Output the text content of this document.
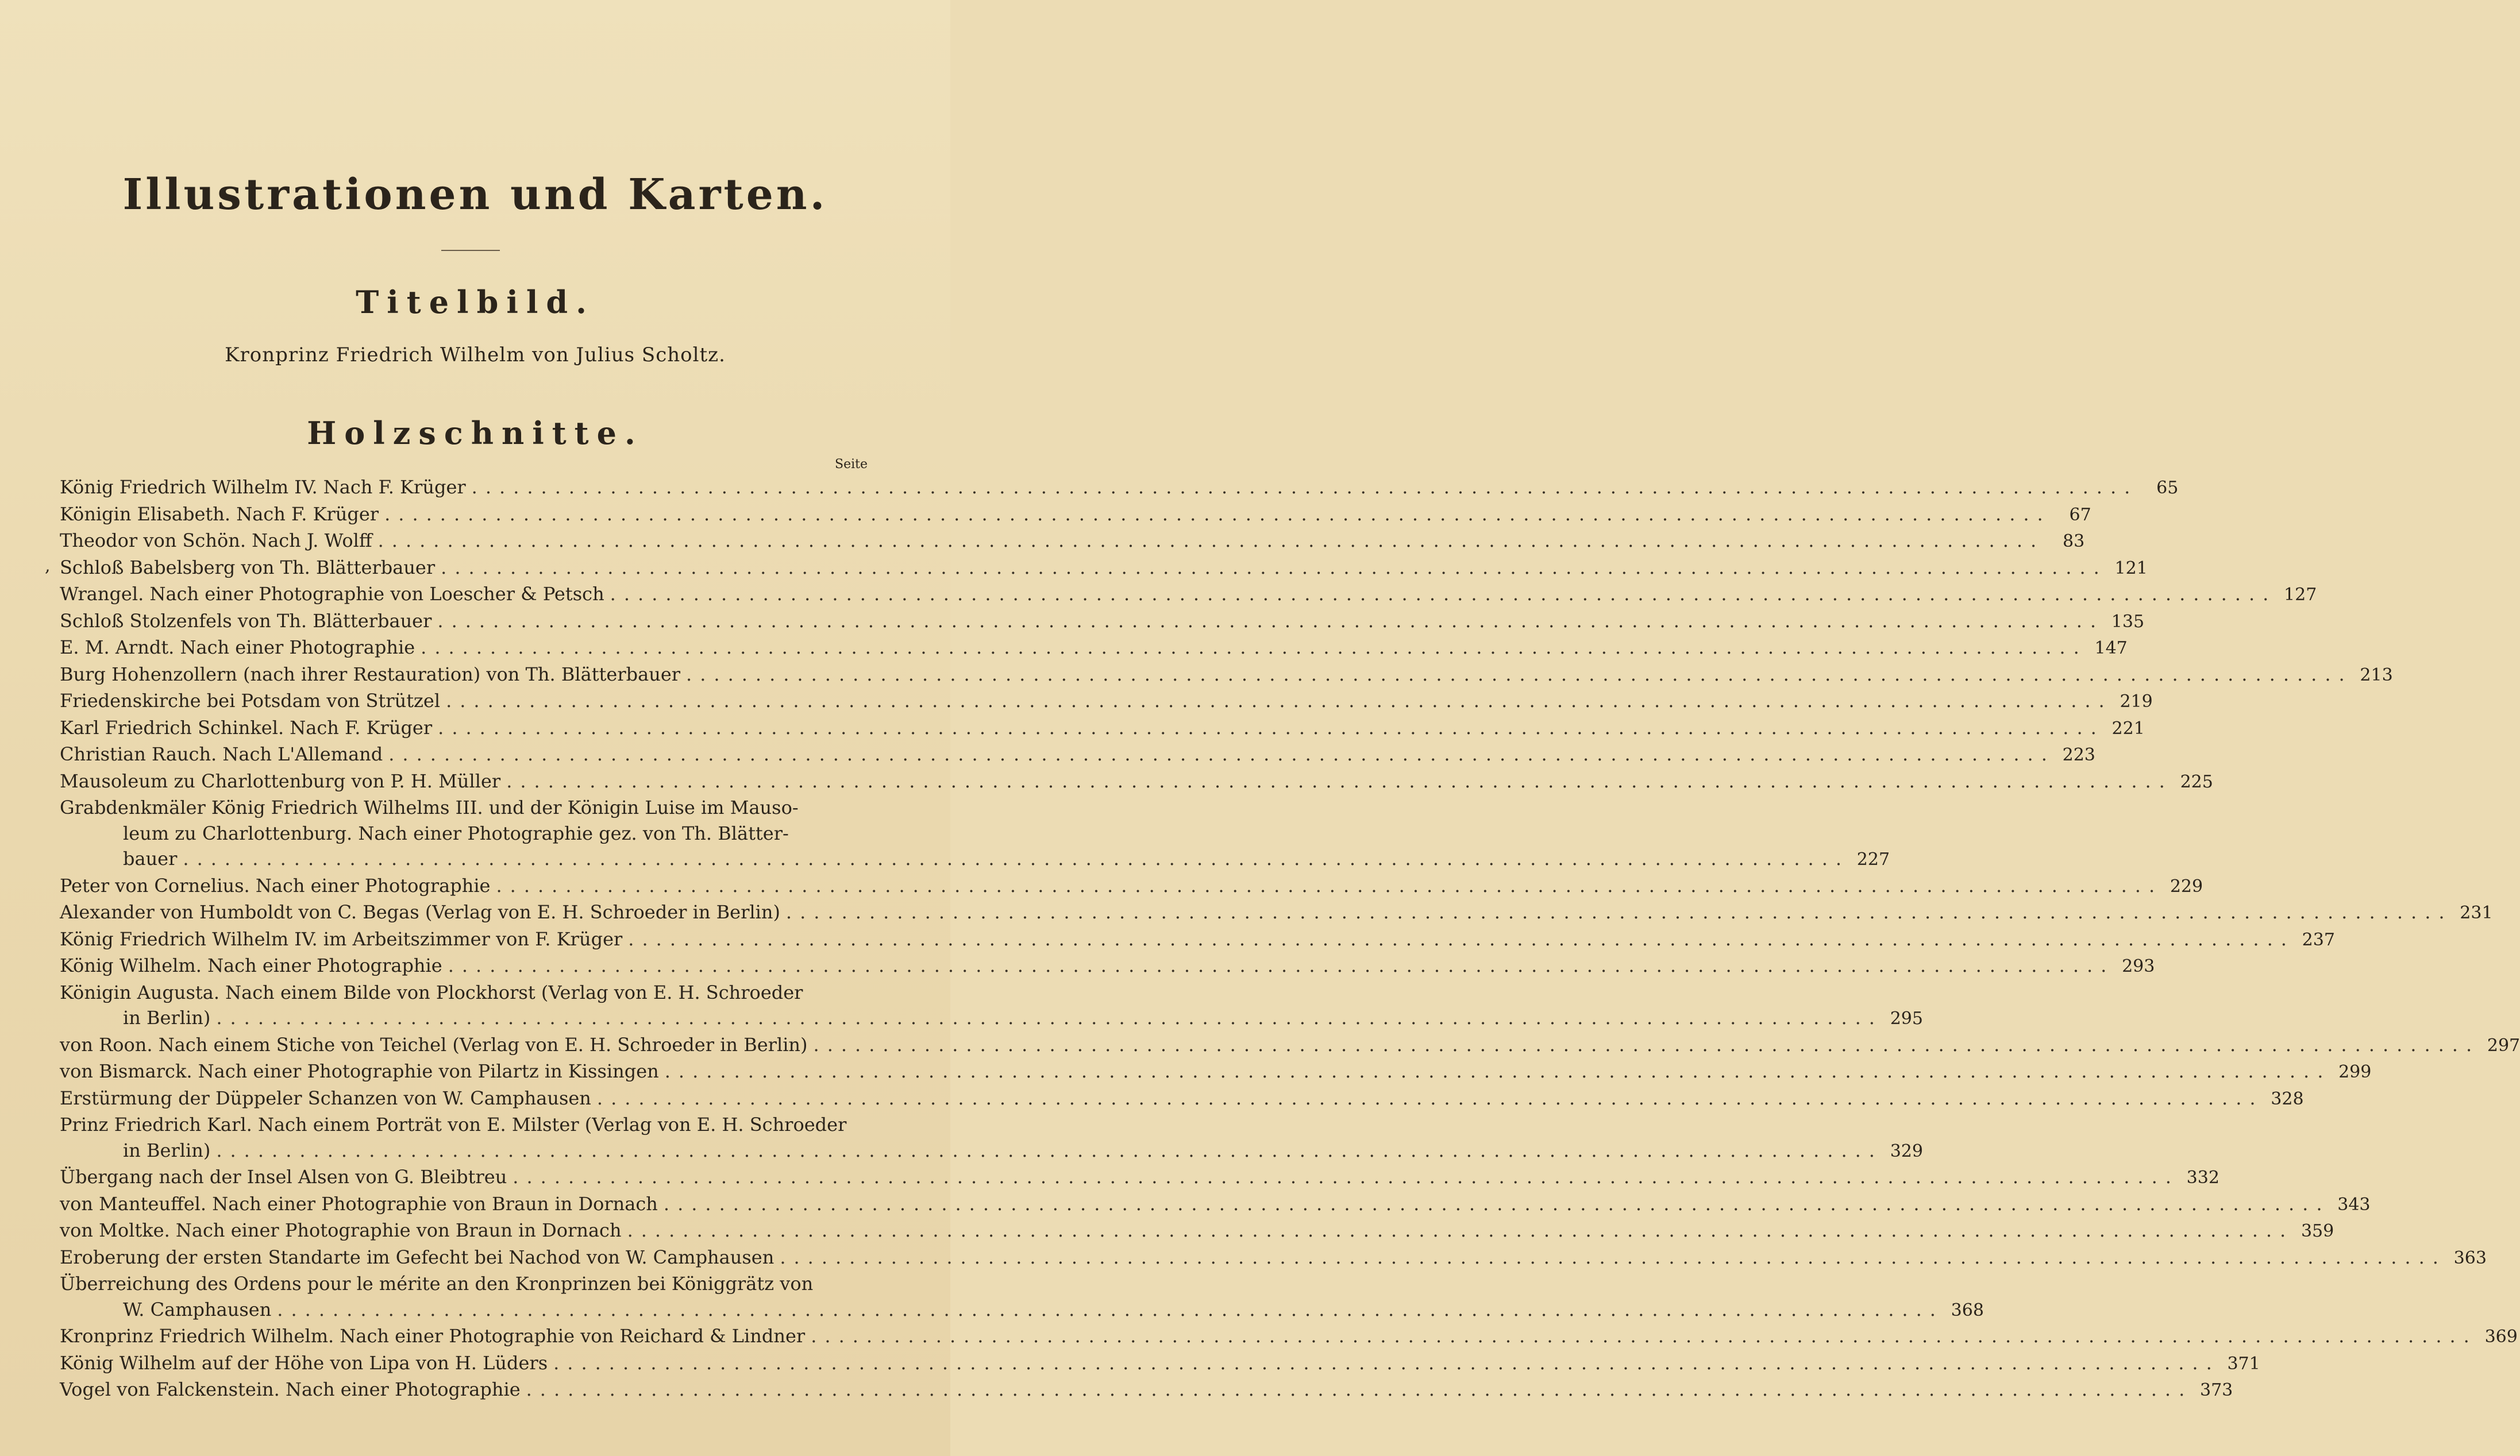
Illustrationen und Karten.
Titelbild.
Kronprinz Friedrich Wilhelm von Julius Scholtz.
Holzschnitte.
Seite
,
König Friedrich Wilhelm IV. Nach F. Krüger ........................................................................................................................	65
Königin Elisabeth. Nach F. Krüger ........................................................................................................................	67
Theodor von Schön. Nach J. Wolff ........................................................................................................................	83
Schloß Babelsberg von Th. Blätterbauer ........................................................................................................................ 121
Wrangel. Nach einer Photographie von Loescher & Petsch ........................................................................................................................ 127
Schloß Stolzenfels von Th. Blätterbauer ........................................................................................................................ 135
E. M. Arndt. Nach einer Photographie ........................................................................................................................ 147
Burg Hohenzollern (nach ihrer Restauration) von Th. Blätterbauer ........................................................................................................................ 213
Friedenskirche bei Potsdam von Strützel ........................................................................................................................ 219
Karl Friedrich Schinkel. Nach F. Krüger ........................................................................................................................ 221
Christian Rauch. Nach L'Allemand ........................................................................................................................ 223
Mausoleum zu Charlottenburg von P. H. Müller ........................................................................................................................ 225
Grabdenkmäler König Friedrich Wilhelms III. und der Königin Luise im Mauso-
leum zu Charlottenburg. Nach einer Photographie gez. von Th. Blätter-
bauer ........................................................................................................................ 227
Peter von Cornelius. Nach einer Photographie ........................................................................................................................ 229
Alexander von Humboldt von C. Begas (Verlag von E. H. Schroeder in Berlin) ........................................................................................................................ 231
König Friedrich Wilhelm IV. im Arbeitszimmer von F. Krüger ........................................................................................................................ 237
König Wilhelm. Nach einer Photographie ........................................................................................................................ 293
Königin Augusta. Nach einem Bilde von Plockhorst (Verlag von E. H. Schroeder
in Berlin) ........................................................................................................................ 295
von Roon. Nach einem Stiche von Teichel (Verlag von E. H. Schroeder in Berlin) ........................................................................................................................ 297
von Bismarck. Nach einer Photographie von Pilartz in Kissingen ........................................................................................................................ 299
Erstürmung der Düppeler Schanzen von W. Camphausen ........................................................................................................................ 328
Prinz Friedrich Karl. Nach einem Porträt von E. Milster (Verlag von E. H. Schroeder
in Berlin) ........................................................................................................................ 329
Übergang nach der Insel Alsen von G. Bleibtreu ........................................................................................................................ 332
von Manteuffel. Nach einer Photographie von Braun in Dornach ........................................................................................................................ 343
von Moltke. Nach einer Photographie von Braun in Dornach ........................................................................................................................ 359
Eroberung der ersten Standarte im Gefecht bei Nachod von W. Camphausen ........................................................................................................................ 363
Überreichung des Ordens pour le mérite an den Kronprinzen bei Königgrätz von
W. Camphausen ........................................................................................................................ 368
Kronprinz Friedrich Wilhelm. Nach einer Photographie von Reichard & Lindner ........................................................................................................................ 369
König Wilhelm auf der Höhe von Lipa von H. Lüders ........................................................................................................................ 371
Vogel von Falckenstein. Nach einer Photographie ........................................................................................................................ 373
